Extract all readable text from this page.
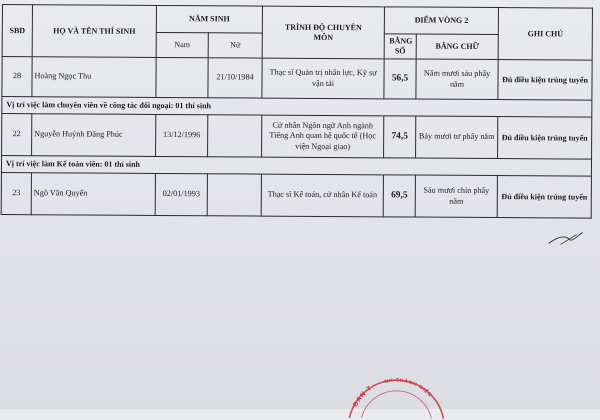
SBD	HỌ VÀ TÊN THÍ SINH	NĂM SINH		TRÌNH ĐỘ CHUYÊN MÔN	ĐIỂM VÒNG 2		GHI CHÚ
		Nam	Nữ		BẰNG SỐ	BẰNG CHỮ	
28	Hoàng Ngọc Thu		21/10/1984	Thạc sĩ Quản trị nhân lực, Kỹ sư vận tải	56,5	Năm mươi sáu phẩy năm	Đủ điều kiện trúng tuyển
Vị trí việc làm chuyên viên về công tác đối ngoại: 01 thí sinh							
22	Nguyễn Huỳnh Đăng Phúc	13/12/1996		Cử nhân Ngôn ngữ Anh ngành Tiếng Anh quan hệ quốc tế (Học viện Ngoại giao)	74,5	Bảy mươi tư phẩy năm	Đủ điều kiện trúng tuyển
Vị trí việc làm Kế toán viên: 01 thí sinh							
23	Ngô Văn Quyến	02/01/1993		Thạc sĩ Kế toán, cử nhân Kế toán	69,5	Sáu mươi chín phẩy năm	Đủ điều kiện trúng tuyển
BAN T
NH THÀNH NIÊN
